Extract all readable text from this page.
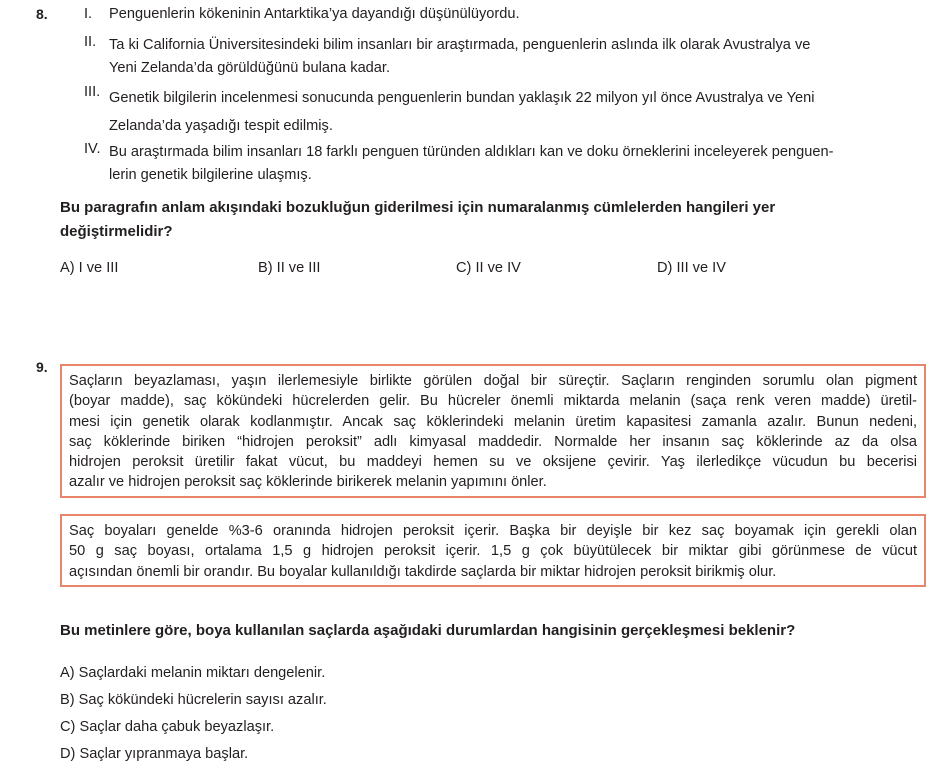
8. I.	Penguenlerin kökeninin Antarktika’ya dayandığı düşünülüyordu.
II. Ta ki California Üniversitesindeki bilim insanları bir araştırmada, penguenlerin aslında ilk olarak Avustralya ve
Yeni Zelanda’da görüldüğünü bulana kadar.
III. Genetik bilgilerin incelenmesi sonucunda penguenlerin bundan yaklaşık 22 milyon yıl önce Avustralya ve Yeni
Zelanda’da yaşadığı tespit edilmiş.
IV. Bu araştırmada bilim insanları 18 farklı penguen türünden aldıkları kan ve doku örneklerini inceleyerek penguen-
lerin genetik bilgilerine ulaşmış.
Bu paragrafın anlam akışındaki bozukluğun giderilmesi için numaralanmış cümlelerden hangileri yer
değiştirmelidir?
A) I ve III	B) II ve III	C) II ve IV	D) III ve IV
9.
Saçların beyazlaması, yaşın ilerlemesiyle birlikte görülen doğal bir süreçtir. Saçların renginden sorumlu olan pigment
(boyar madde), saç kökündeki hücrelerden gelir. Bu hücreler önemli miktarda melanin (saça renk veren madde) üretil-
mesi için genetik olarak kodlanmıştır. Ancak saç köklerindeki melanin üretim kapasitesi zamanla azalır. Bunun nedeni,
saç köklerinde biriken “hidrojen peroksit” adlı kimyasal maddedir. Normalde her insanın saç köklerinde az da olsa
hidrojen peroksit üretilir fakat vücut, bu maddeyi hemen su ve oksijene çevirir. Yaş ilerledikçe vücudun bu becerisi
azalır ve hidrojen peroksit saç köklerinde birikerek melanin yapımını önler.
Saç boyaları genelde %3-6 oranında hidrojen peroksit içerir. Başka bir deyişle bir kez saç boyamak için gerekli olan
50 g saç boyası, ortalama 1,5 g hidrojen peroksit içerir. 1,5 g çok büyütülecek bir miktar gibi görünmese de vücut
açısından önemli bir orandır. Bu boyalar kullanıldığı takdirde saçlarda bir miktar hidrojen peroksit birikmiş olur.
Bu metinlere göre, boya kullanılan saçlarda aşağıdaki durumlardan hangisinin gerçekleşmesi beklenir?
A) Saçlardaki melanin miktarı dengelenir.
B) Saç kökündeki hücrelerin sayısı azalır.
C) Saçlar daha çabuk beyazlaşır.
D) Saçlar yıpranmaya başlar.
